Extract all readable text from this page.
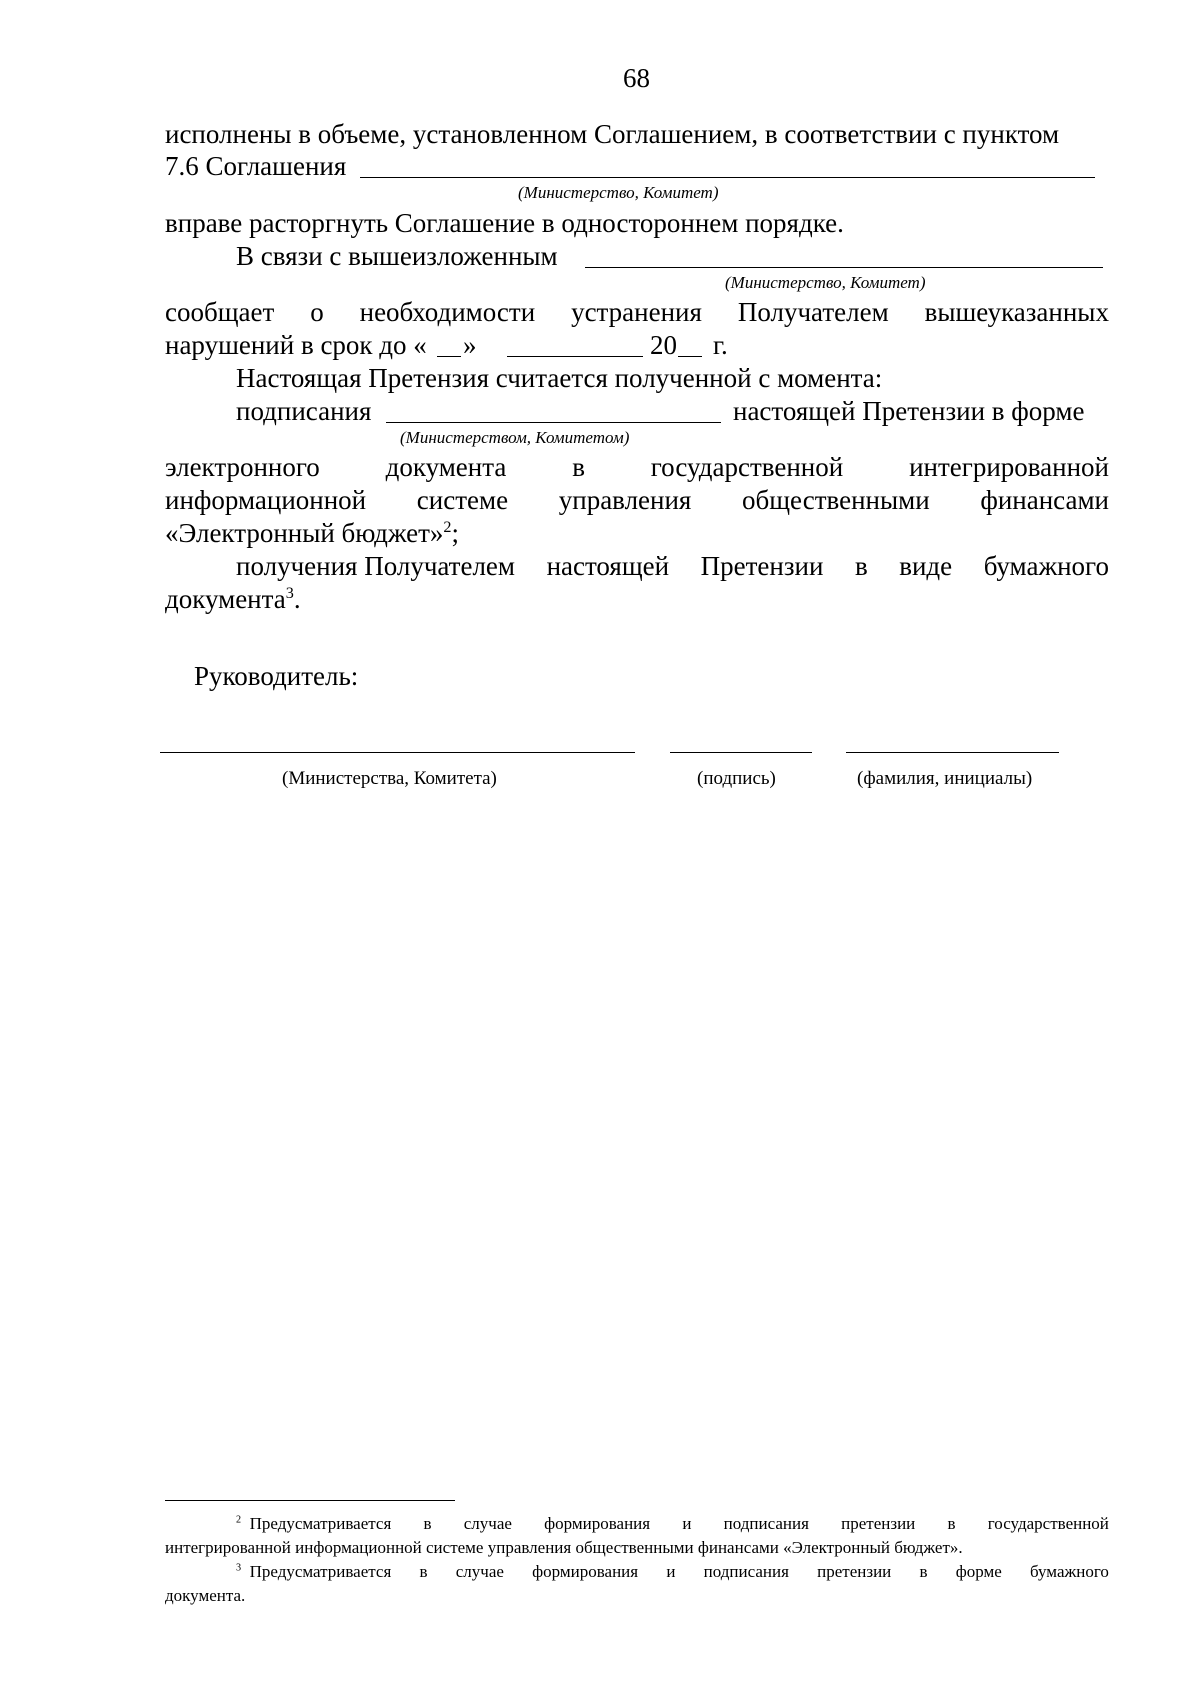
68
исполнены в объеме, установленном Соглашением, в соответствии с пунктом
7.6 Соглашения
(Министерство, Комитет)
вправе расторгнуть Соглашение в одностороннем порядке.
В связи с вышеизложенным
(Министерство, Комитет)
сообщает о необходимости устранения Получателем вышеуказанных
нарушений в срок до « »	20 г.
Настоящая Претензия считается полученной с момента:
подписания	настоящей Претензии в форме
(Министерством, Комитетом)
электронного документа в государственной интегрированной
информационной системе управления общественными финансами
«Электронный бюджет»$^2$;
получения Получателем настоящей Претензии в виде бумажного
документа$^3$.
Руководитель:
(Министерства, Комитета)	(подпись)	(фамилия, инициалы)
$^2$ Предусматривается в случае формирования и подписания претензии в государственной
интегрированной информационной системе управления общественными финансами «Электронный бюджет».
$^3$ Предусматривается в случае формирования и подписания претензии в форме бумажного
документа.
